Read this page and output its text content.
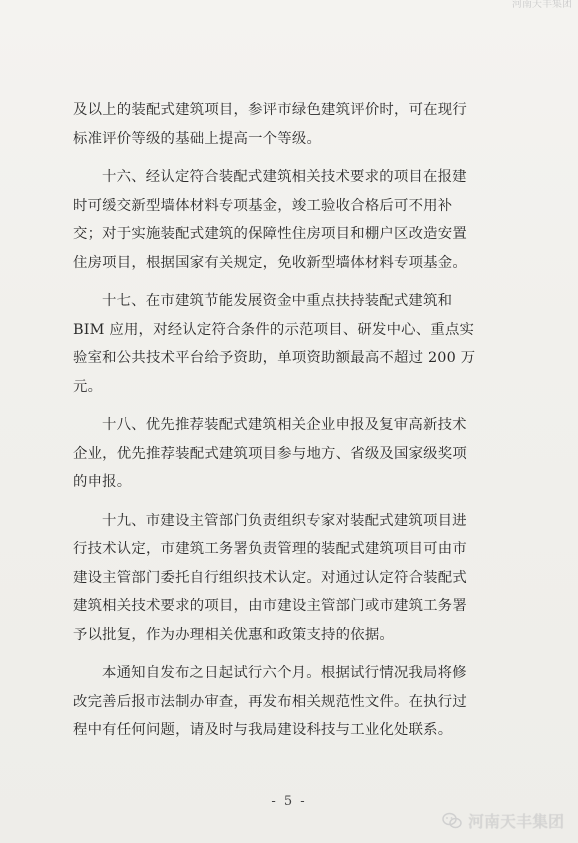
河南天丰集团

及以上的装配式建筑项目，参评市绿色建筑评价时，可在现行
标准评价等级的基础上提高一个等级。

十六、经认定符合装配式建筑相关技术要求的项目在报建
时可缓交新型墙体材料专项基金，竣工验收合格后可不用补
交；对于实施装配式建筑的保障性住房项目和棚户区改造安置
住房项目，根据国家有关规定，免收新型墙体材料专项基金。

十七、在市建筑节能发展资金中重点扶持装配式建筑和
BIM 应用，对经认定符合条件的示范项目、研发中心、重点实
验室和公共技术平台给予资助，单项资助额最高不超过 200 万
元。

十八、优先推荐装配式建筑相关企业申报及复审高新技术
企业，优先推荐装配式建筑项目参与地方、省级及国家级奖项
的申报。

十九、市建设主管部门负责组织专家对装配式建筑项目进
行技术认定，市建筑工务署负责管理的装配式建筑项目可由市
建设主管部门委托自行组织技术认定。对通过认定符合装配式
建筑相关技术要求的项目，由市建设主管部门或市建筑工务署
予以批复，作为办理相关优惠和政策支持的依据。

本通知自发布之日起试行六个月。根据试行情况我局将修
改完善后报市法制办审查，再发布相关规范性文件。在执行过
程中有任何问题，请及时与我局建设科技与工业化处联系。

- 5 -
河南天丰集团
